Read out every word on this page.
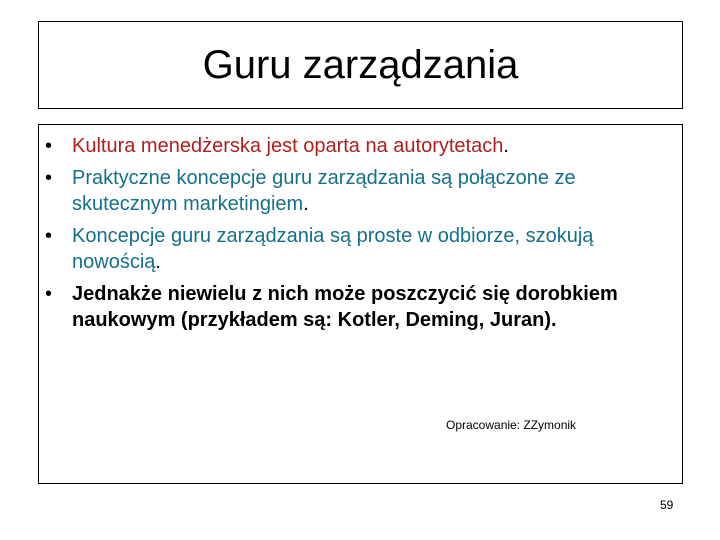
Guru zarządzania
• Kultura menedżerska jest oparta na autorytetach.
• Praktyczne koncepcje guru zarządzania są połączone ze skutecznym marketingiem.
• Koncepcje guru zarządzania są proste w odbiorze, szokują nowością.
• Jednakże niewielu z nich może poszczycić się dorobkiem naukowym (przykładem są: Kotler, Deming, Juran).
Opracowanie: ZZymonik
59
